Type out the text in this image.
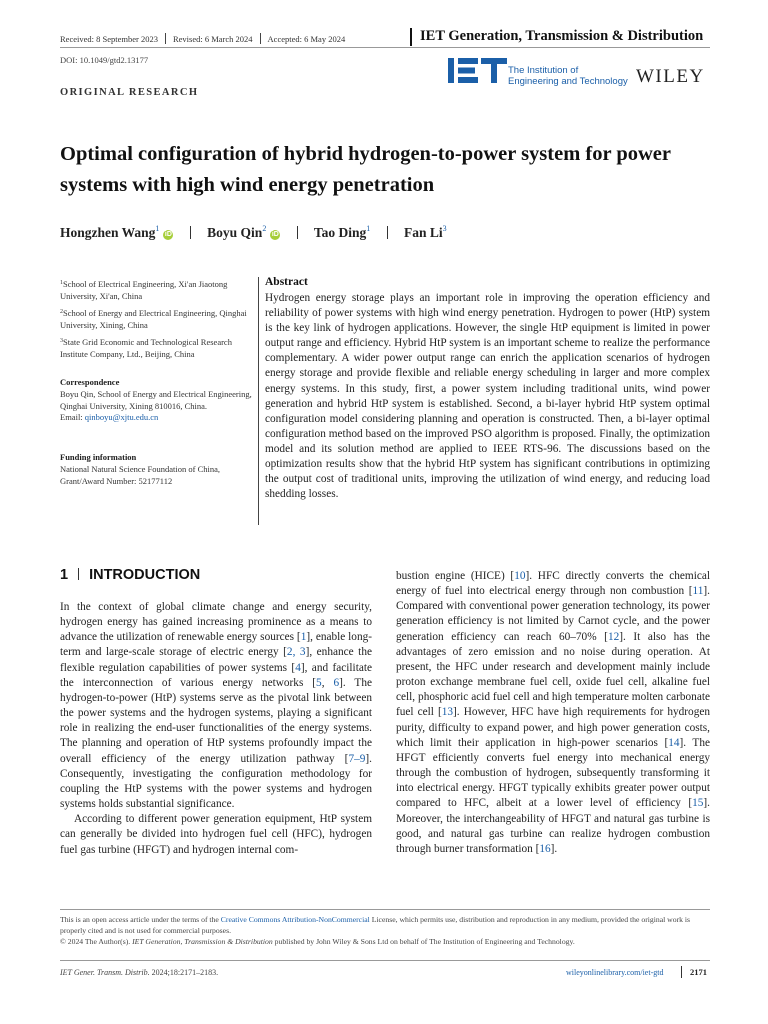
Received: 8 September 2023 Revised: 6 March 2024 Accepted: 6 May 2024	IET Generation, Transmission & Distribution
DOI: 10.1049/gtd2.13177
The Institution of
Engineering and Technology WILEY
ORIGINAL RESEARCH
Optimal configuration of hybrid hydrogen-to-power system for power systems with high wind energy penetration
Hongzhen Wang$^1$iD	Boyu Qin$^2$iD	Tao Ding$^1$	Fan Li$^3$
$^1$School of Electrical Engineering, Xi'an Jiaotong University, Xi'an, China
$^2$School of Energy and Electrical Engineering, Qinghai University, Xining, China
$^3$State Grid Economic and Technological Research Institute Company, Ltd., Beijing, China
Correspondence
Boyu Qin, School of Energy and Electrical Engineering, Qinghai University, Xining 810016, China.
Email: qinboyu@xjtu.edu.cn
Funding information
National Natural Science Foundation of China, Grant/Award Number: 52177112
Abstract
Hydrogen energy storage plays an important role in improving the operation efficiency and reliability of power systems with high wind energy penetration. Hydrogen to power (HtP) system is the key link of hydrogen applications. However, the single HtP equipment is limited in power output range and efficiency. Hybrid HtP system is an important scheme to realize the performance complementary. A wider power output range can enrich the application scenarios of hydrogen energy storage and provide flexible and reliable energy scheduling in larger and more complex energy systems. In this study, first, a power system including traditional units, wind power generation and hybrid HtP system is established. Second, a bi-layer hybrid HtP system optimal configuration model considering planning and operation is constructed. Then, a bi-layer optimal configuration method based on the improved PSO algorithm is proposed. Finally, the optimization model and its solution method are applied to IEEE RTS-96. The discussions based on the optimization results show that the hybrid HtP system has significant contributions in optimizing the output cost of traditional units, improving the utilization of wind energy, and reducing load shedding losses.
1 INTRODUCTION

In the context of global climate change and energy security, hydrogen energy has gained increasing prominence as a means to advance the utilization of renewable energy sources [1], enable long-term and large-scale storage of electric energy [2, 3], enhance the flexible regulation capabilities of power systems [4], and facilitate the interconnection of various energy networks [5, 6]. The hydrogen-to-power (HtP) systems serve as the pivotal link between the power systems and the hydrogen systems, playing a significant role in realizing the end-user functionalities of the energy systems. The planning and operation of HtP systems profoundly impact the overall efficiency of the energy utilization pathway [7–9]. Consequently, investigating the configuration methodology for coupling the HtP systems with the power systems and hydrogen systems holds substantial significance.

According to different power generation equipment, HtP system can generally be divided into hydrogen fuel cell (HFC), hydrogen fuel gas turbine (HFGT) and hydrogen internal com-

bustion engine (HICE) [10]. HFC directly converts the chemical energy of fuel into electrical energy through non combustion [11]. Compared with conventional power generation technology, its power generation efficiency is not limited by Carnot cycle, and the power generation efficiency can reach 60–70% [12]. It also has the advantages of zero emission and no noise during operation. At present, the HFC under research and development mainly include proton exchange membrane fuel cell, oxide fuel cell, alkaline fuel cell, phosphoric acid fuel cell and high temperature molten carbonate fuel cell [13]. However, HFC have high requirements for hydrogen purity, difficulty to expand power, and high power generation costs, which limit their application in high-power scenarios [14]. The HFGT efficiently converts fuel energy into mechanical energy through the combustion of hydrogen, subsequently transforming it into electrical energy. HFGT typically exhibits greater power output compared to HFC, albeit at a lower level of efficiency [15]. Moreover, the interchangeability of HFGT and natural gas turbine is good, and natural gas turbine can realize hydrogen combustion through burner transformation [16].

This is an open access article under the terms of the Creative Commons Attribution-NonCommercial License, which permits use, distribution and reproduction in any medium, provided the original work is properly cited and is not used for commercial purposes.
© 2024 The Author(s). IET Generation, Transmission & Distribution published by John Wiley & Sons Ltd on behalf of The Institution of Engineering and Technology.
IET Gener. Transm. Distrib. 2024;18:2171–2183.	wileyonlinelibrary.com/iet-gtd	2171
